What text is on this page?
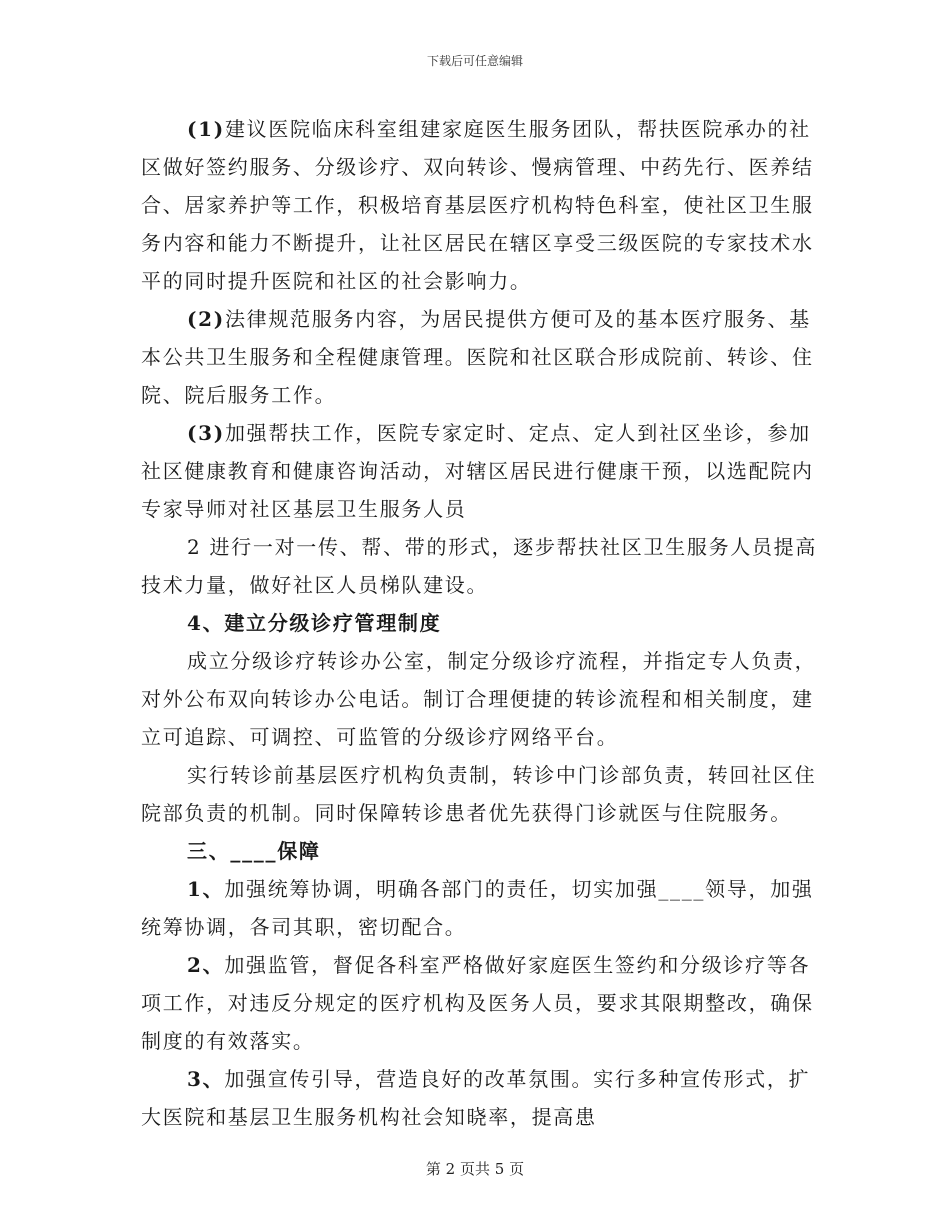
下载后可任意编辑

(1)建议医院临床科室组建家庭医生服务团队，帮扶医院承办的社区做好签约服务、分级诊疗、双向转诊、慢病管理、中药先行、医养结合、居家养护等工作，积极培育基层医疗机构特色科室，使社区卫生服务内容和能力不断提升，让社区居民在辖区享受三级医院的专家技术水平的同时提升医院和社区的社会影响力。

(2)法律规范服务内容，为居民提供方便可及的基本医疗服务、基本公共卫生服务和全程健康管理。医院和社区联合形成院前、转诊、住院、院后服务工作。

(3)加强帮扶工作，医院专家定时、定点、定人到社区坐诊，参加社区健康教育和健康咨询活动，对辖区居民进行健康干预，以选配院内专家导师对社区基层卫生服务人员

2 进行一对一传、帮、带的形式，逐步帮扶社区卫生服务人员提高技术力量，做好社区人员梯队建设。

4、建立分级诊疗管理制度

成立分级诊疗转诊办公室，制定分级诊疗流程，并指定专人负责，对外公布双向转诊办公电话。制订合理便捷的转诊流程和相关制度，建立可追踪、可调控、可监管的分级诊疗网络平台。

实行转诊前基层医疗机构负责制，转诊中门诊部负责，转回社区住院部负责的机制。同时保障转诊患者优先获得门诊就医与住院服务。

三、____保障

1、加强统筹协调，明确各部门的责任，切实加强____领导，加强统筹协调，各司其职，密切配合。

2、加强监管，督促各科室严格做好家庭医生签约和分级诊疗等各项工作，对违反分规定的医疗机构及医务人员，要求其限期整改，确保制度的有效落实。

3、加强宣传引导，营造良好的改革氛围。实行多种宣传形式，扩大医院和基层卫生服务机构社会知晓率，提高患

第 2 页共 5 页
